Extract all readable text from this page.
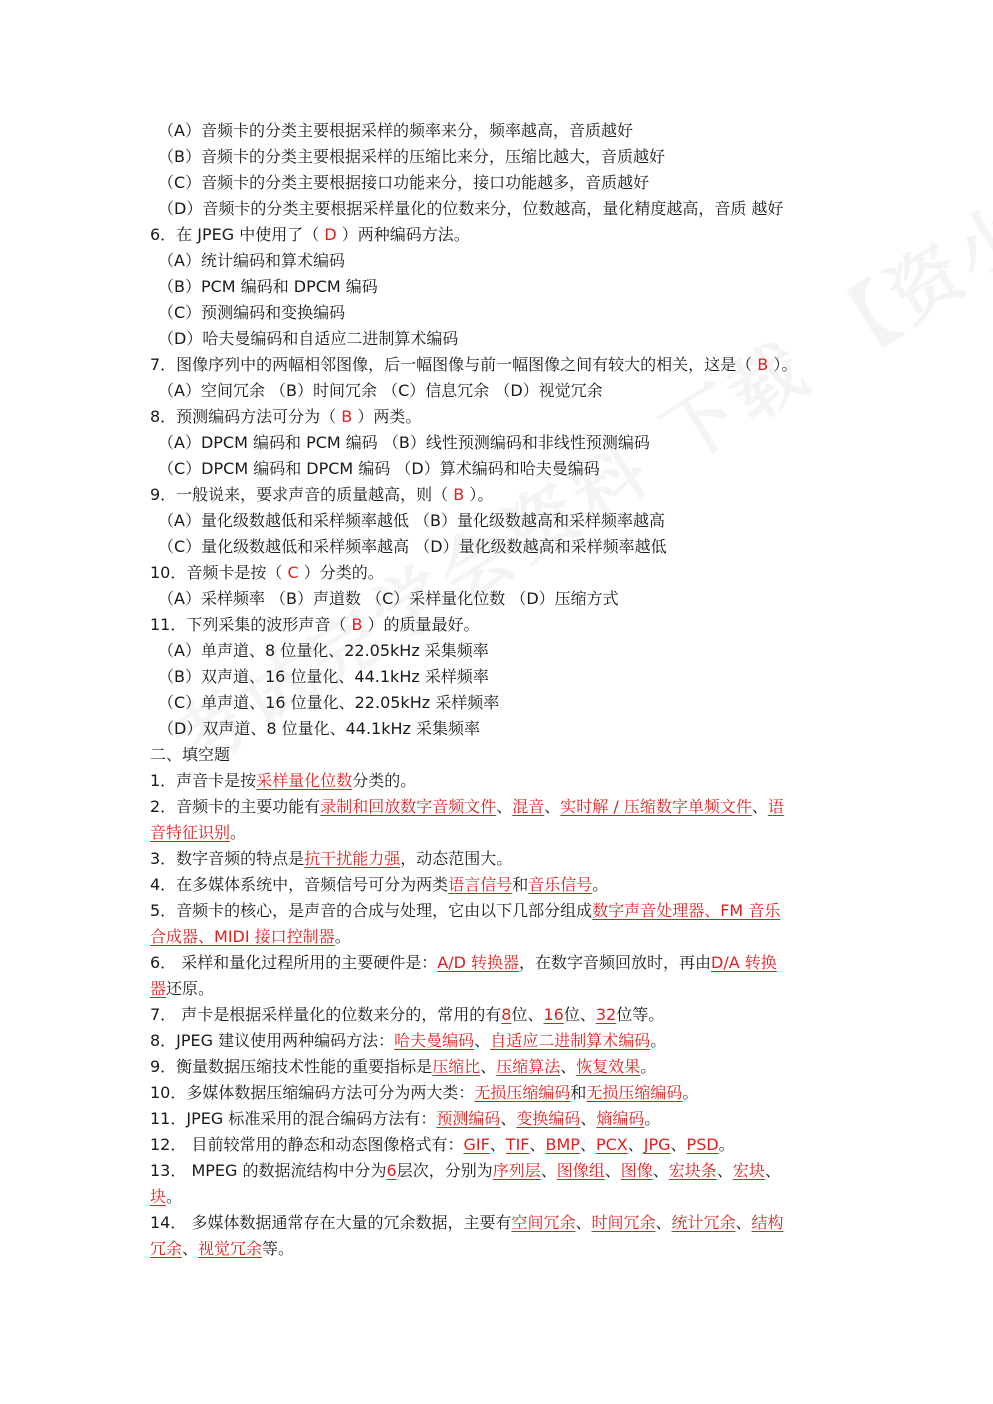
（A）音频卡的分类主要根据采样的频率来分，频率越高，音质越好
（B）音频卡的分类主要根据采样的压缩比来分，压缩比越大，音质越好
（C）音频卡的分类主要根据接口功能来分，接口功能越多，音质越好
（D）音频卡的分类主要根据采样量化的位数来分，位数越高，量化精度越高，音质 越好
6．在 JPEG 中使用了（ D ）两种编码方法。
（A）统计编码和算术编码
（B）PCM 编码和 DPCM 编码
（C）预测编码和变换编码
（D）哈夫曼编码和自适应二进制算术编码
7．图像序列中的两幅相邻图像，后一幅图像与前一幅图像之间有较大的相关，这是（ B ）。
（A）空间冗余 （B）时间冗余 （C）信息冗余 （D）视觉冗余
8．预测编码方法可分为（ B ）两类。
（A）DPCM 编码和 PCM 编码 （B）线性预测编码和非线性预测编码
（C）DPCM 编码和 DPCM 编码 （D）算术编码和哈夫曼编码
9．一般说来，要求声音的质量越高，则（ B ）。
（A）量化级数越低和采样频率越低 （B）量化级数越高和采样频率越高
（C）量化级数越低和采样频率越高 （D）量化级数越高和采样频率越低
10．音频卡是按（ C ）分类的。
（A）采样频率 （B）声道数 （C）采样量化位数 （D）压缩方式
11．下列采集的波形声音（ B ）的质量最好。
（A）单声道、8 位量化、22.05kHz 采集频率
（B）双声道、16 位量化、44.1kHz 采样频率
（C）单声道、16 位量化、22.05kHz 采样频率
（D）双声道、8 位量化、44.1kHz 采集频率
二、填空题
1．声音卡是按采样量化位数分类的。
2．音频卡的主要功能有录制和回放数字音频文件、混音、实时解 / 压缩数字单频文件、语
音特征识别。
3．数字音频的特点是抗干扰能力强，动态范围大。
4．在多媒体系统中，音频信号可分为两类语言信号和音乐信号。
5．音频卡的核心，是声音的合成与处理，它由以下几部分组成数字声音处理器、FM 音乐
合成器、MIDI 接口控制器。
6． 采样和量化过程所用的主要硬件是：A/D 转换器，在数字音频回放时，再由D/A 转换
器还原。
7． 声卡是根据采样量化的位数来分的，常用的有8位、16位、32位等。
8．JPEG 建议使用两种编码方法：哈夫曼编码、自适应二进制算术编码。
9．衡量数据压缩技术性能的重要指标是压缩比、压缩算法、恢复效果。
10．多媒体数据压缩编码方法可分为两大类：无损压缩编码和无损压缩编码。
11．JPEG 标准采用的混合编码方法有：预测编码、变换编码、熵编码。
12． 目前较常用的静态和动态图像格式有：GIF、TIF、BMP、PCX、JPG、PSD。
13． MPEG 的数据流结构中分为6层次，分别为序列层、图像组、图像、宏块条、宏块、
块。
14． 多媒体数据通常存在大量的冗余数据，主要有空间冗余、时间冗余、统计冗余、结构
冗余、视觉冗余等。
